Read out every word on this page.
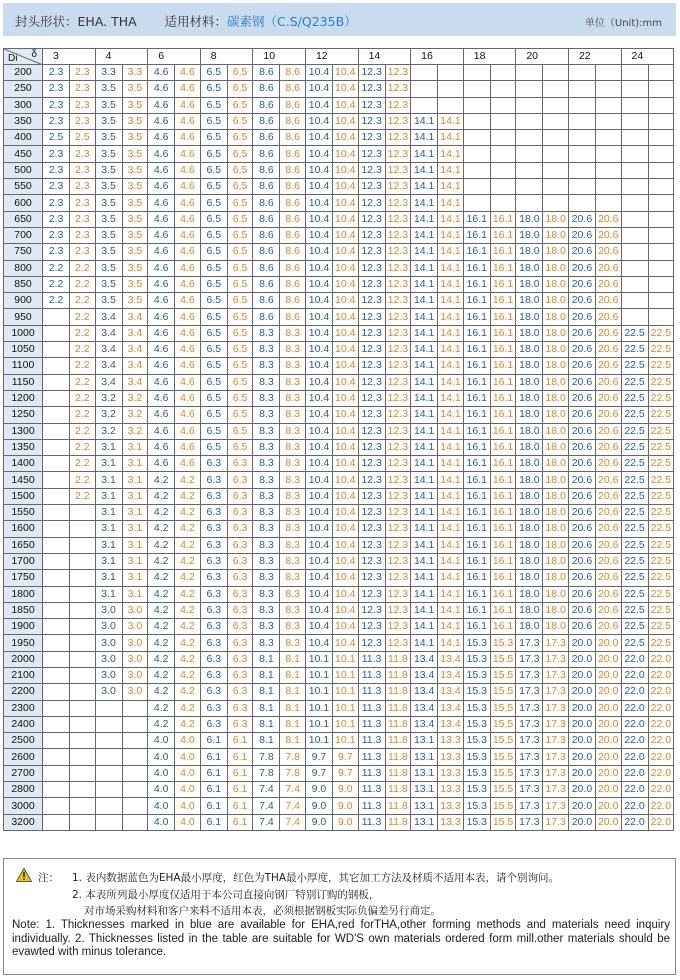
封头形状：EHA. THA 适用材料：碳素钢（C.S/Q235B）	单位（Unit):mm
δ
Di	3		4		6		8		10		12		14		16		18		20		22		24	
200	2.3	2.3	3.3	3.3	4.6	4.6	6.5	6.5	8.6	8.6	10.4	10.4	12.3	12.3										
250	2.3	2.3	3.5	3.5	4.6	4.6	6.5	6.5	8.6	8.6	10.4	10.4	12.3	12.3										
300	2.3	2.3	3.5	3.5	4.6	4.6	6.5	6.5	8.6	8.6	10.4	10.4	12.3	12.3										
350	2.3	2.3	3.5	3.5	4.6	4.6	6.5	6.5	8.6	8.6	10.4	10.4	12.3	12.3	14.1	14.1								
400	2.5	2.5	3.5	3.5	4.6	4.6	6.5	6.5	8.6	8.6	10.4	10.4	12.3	12.3	14.1	14.1								
450	2.3	2.3	3.5	3.5	4.6	4.6	6.5	6.5	8.6	8.6	10.4	10.4	12.3	12.3	14.1	14.1								
500	2.3	2.3	3.5	3.5	4.6	4.6	6.5	6.5	8.6	8.6	10.4	10.4	12.3	12.3	14.1	14.1								
550	2.3	2.3	3.5	3.5	4.6	4.6	6.5	6.5	8.6	8.6	10.4	10.4	12.3	12.3	14.1	14.1								
600	2.3	2.3	3.5	3.5	4.6	4.6	6.5	6.5	8.6	8.6	10.4	10.4	12.3	12.3	14.1	14.1								
650	2.3	2.3	3.5	3.5	4.6	4.6	6.5	6.5	8.6	8.6	10.4	10.4	12.3	12.3	14.1	14.1	16.1	16.1	18.0	18.0	20.6	20.6		
700	2.3	2.3	3.5	3.5	4.6	4.6	6.5	6.5	8.6	8.6	10.4	10.4	12.3	12.3	14.1	14.1	16.1	16.1	18.0	18.0	20.6	20.6		
750	2.3	2.3	3.5	3.5	4.6	4.6	6.5	6.5	8.6	8.6	10.4	10.4	12.3	12.3	14.1	14.1	16.1	16.1	18.0	18.0	20.6	20.6		
800	2.2	2.2	3.5	3.5	4.6	4.6	6.5	6.5	8.6	8.6	10.4	10.4	12.3	12.3	14.1	14.1	16.1	16.1	18.0	18.0	20.6	20.6		
850	2.2	2.2	3.5	3.5	4.6	4.6	6.5	6.5	8.6	8.6	10.4	10.4	12.3	12.3	14.1	14.1	16.1	16.1	18.0	18.0	20.6	20.6		
900	2.2	2.2	3.5	3.5	4.6	4.6	6.5	6.5	8.6	8.6	10.4	10.4	12.3	12.3	14.1	14.1	16.1	16.1	18.0	18.0	20.6	20.6		
950		2.2	3.4	3.4	4.6	4.6	6.5	6.5	8.6	8.6	10.4	10.4	12.3	12.3	14.1	14.1	16.1	16.1	18.0	18.0	20.6	20.6		
1000		2.2	3.4	3.4	4.6	4.6	6.5	6.5	8.3	8.3	10.4	10.4	12.3	12.3	14.1	14.1	16.1	16.1	18.0	18.0	20.6	20.6	22.5	22.5
1050		2.2	3.4	3.4	4.6	4.6	6.5	6.5	8.3	8.3	10.4	10.4	12.3	12.3	14.1	14.1	16.1	16.1	18.0	18.0	20.6	20.6	22.5	22.5
1100		2.2	3.4	3.4	4.6	4.6	6.5	6.5	8.3	8.3	10.4	10.4	12.3	12.3	14.1	14.1	16.1	16.1	18.0	18.0	20.6	20.6	22.5	22.5
1150		2.2	3.4	3.4	4.6	4.6	6.5	6.5	8.3	8.3	10.4	10.4	12.3	12.3	14.1	14.1	16.1	16.1	18.0	18.0	20.6	20.6	22.5	22.5
1200		2.2	3.2	3.2	4.6	4.6	6.5	6.5	8.3	8.3	10.4	10.4	12.3	12.3	14.1	14.1	16.1	16.1	18.0	18.0	20.6	20.6	22.5	22.5
1250		2.2	3.2	3.2	4.6	4.6	6.5	6.5	8.3	8.3	10.4	10.4	12.3	12.3	14.1	14.1	16.1	16.1	18.0	18.0	20.6	20.6	22.5	22.5
1300		2.2	3.2	3.2	4.6	4.6	6.5	6.5	8.3	8.3	10.4	10.4	12.3	12.3	14.1	14.1	16.1	16.1	18.0	18.0	20.6	20.6	22.5	22.5
1350		2.2	3.1	3.1	4.6	4.6	6.5	6.5	8.3	8.3	10.4	10.4	12.3	12.3	14.1	14.1	16.1	16.1	18.0	18.0	20.6	20.6	22.5	22.5
1400		2.2	3.1	3.1	4.6	4.6	6.3	6.3	8.3	8.3	10.4	10.4	12.3	12.3	14.1	14.1	16.1	16.1	18.0	18.0	20.6	20.6	22.5	22.5
1450		2.2	3.1	3.1	4.2	4.2	6.3	6.3	8.3	8.3	10.4	10.4	12.3	12.3	14.1	14.1	16.1	16.1	18.0	18.0	20.6	20.6	22.5	22.5
1500		2.2	3.1	3.1	4.2	4.2	6.3	6.3	8.3	8.3	10.4	10.4	12.3	12.3	14.1	14.1	16.1	16.1	18.0	18.0	20.6	20.6	22.5	22.5
1550			3.1	3.1	4.2	4.2	6.3	6.3	8.3	8.3	10.4	10.4	12.3	12.3	14.1	14.1	16.1	16.1	18.0	18.0	20.6	20.6	22.5	22.5
1600			3.1	3.1	4.2	4.2	6.3	6.3	8.3	8.3	10.4	10.4	12.3	12.3	14.1	14.1	16.1	16.1	18.0	18.0	20.6	20.6	22.5	22.5
1650			3.1	3.1	4.2	4.2	6.3	6.3	8.3	8.3	10.4	10.4	12.3	12.3	14.1	14.1	16.1	16.1	18.0	18.0	20.6	20.6	22.5	22.5
1700			3.1	3.1	4.2	4.2	6.3	6.3	8.3	8.3	10.4	10.4	12.3	12.3	14.1	14.1	16.1	16.1	18.0	18.0	20.6	20.6	22.5	22.5
1750			3.1	3.1	4.2	4.2	6.3	6.3	8.3	8.3	10.4	10.4	12.3	12.3	14.1	14.1	16.1	16.1	18.0	18.0	20.6	20.6	22.5	22.5
1800			3.1	3.1	4.2	4.2	6.3	6.3	8.3	8.3	10.4	10.4	12.3	12.3	14.1	14.1	16.1	16.1	18.0	18.0	20.6	20.6	22.5	22.5
1850			3.0	3.0	4.2	4.2	6.3	6.3	8.3	8.3	10.4	10.4	12.3	12.3	14.1	14.1	16.1	16.1	18.0	18.0	20.6	20.6	22.5	22.5
1900			3.0	3.0	4.2	4.2	6.3	6.3	8.3	8.3	10.4	10.4	12.3	12.3	14.1	14.1	16.1	16.1	18.0	18.0	20.6	20.6	22.5	22.5
1950			3.0	3.0	4.2	4.2	6.3	6.3	8.3	8.3	10.4	10.4	12.3	12.3	14.1	14.1	15.3	15.3	17.3	17.3	20.0	20.0	22.5	22.5
2000			3.0	3.0	4.2	4.2	6.3	6.3	8.1	8.1	10.1	10.1	11.3	11.8	13.4	13.4	15.3	15.5	17.3	17.3	20.0	20.0	22.0	22.0
2100			3.0	3.0	4.2	4.2	6.3	6.3	8.1	8.1	10.1	10.1	11.3	11.8	13.4	13.4	15.3	15.5	17.3	17.3	20.0	20.0	22.0	22.0
2200			3.0	3.0	4.2	4.2	6.3	6.3	8.1	8.1	10.1	10.1	11.3	11.8	13.4	13.4	15.3	15.5	17.3	17.3	20.0	20.0	22.0	22.0
2300					4.2	4.2	6.3	6.3	8.1	8.1	10.1	10.1	11.3	11.8	13.4	13.4	15.3	15.5	17.3	17.3	20.0	20.0	22.0	22.0
2400					4.2	4.2	6.3	6.3	8.1	8.1	10.1	10.1	11.3	11.8	13.4	13.4	15.3	15.5	17.3	17.3	20.0	20.0	22.0	22.0
2500					4.0	4.0	6.1	6.1	8.1	8.1	10.1	10.1	11.3	11.8	13.1	13.3	15.3	15.5	17.3	17.3	20.0	20.0	22.0	22.0
2600					4.0	4.0	6.1	6.1	7.8	7.8	9.7	9.7	11.3	11.8	13.1	13.3	15.3	15.5	17.3	17.3	20.0	20.0	22.0	22.0
2700					4.0	4.0	6.1	6.1	7.8	7.8	9.7	9.7	11.3	11.8	13.1	13.3	15.3	15.5	17.3	17.3	20.0	20.0	22.0	22.0
2800					4.0	4.0	6.1	6.1	7.4	7.4	9.0	9.0	11.3	11.8	13.1	13.3	15.3	15.5	17.3	17.3	20.0	20.0	22.0	22.0
3000					4.0	4.0	6.1	6.1	7.4	7.4	9.0	9.0	11.3	11.8	13.1	13.3	15.3	15.5	17.3	17.3	20.0	20.0	22.0	22.0
3200					4.0	4.0	6.1	6.1	7.4	7.4	9.0	9.0	11.3	11.8	13.1	13.3	15.3	15.5	17.3	17.3	20.0	20.0	22.0	22.0
注： 1. 表内数据蓝色为EHA最小厚度，红色为THA最小厚度，其它加工方法及材质不适用本表，请个别询问。
2. 本表所列最小厚度仅适用于本公司直接向钢厂特别订购的钢板，
对市场采购材料和客户来料不适用本表，必须根据钢板实际负偏差另行商定。
Note: 1. Thicknesses marked in blue are available for EHA,red forTHA,other forming methods and materials need inquiry individually. 2. Thicknesses listed in the table are suitable for WD'S own materials ordered form mill.other materials should be evawted with minus tolerance.
